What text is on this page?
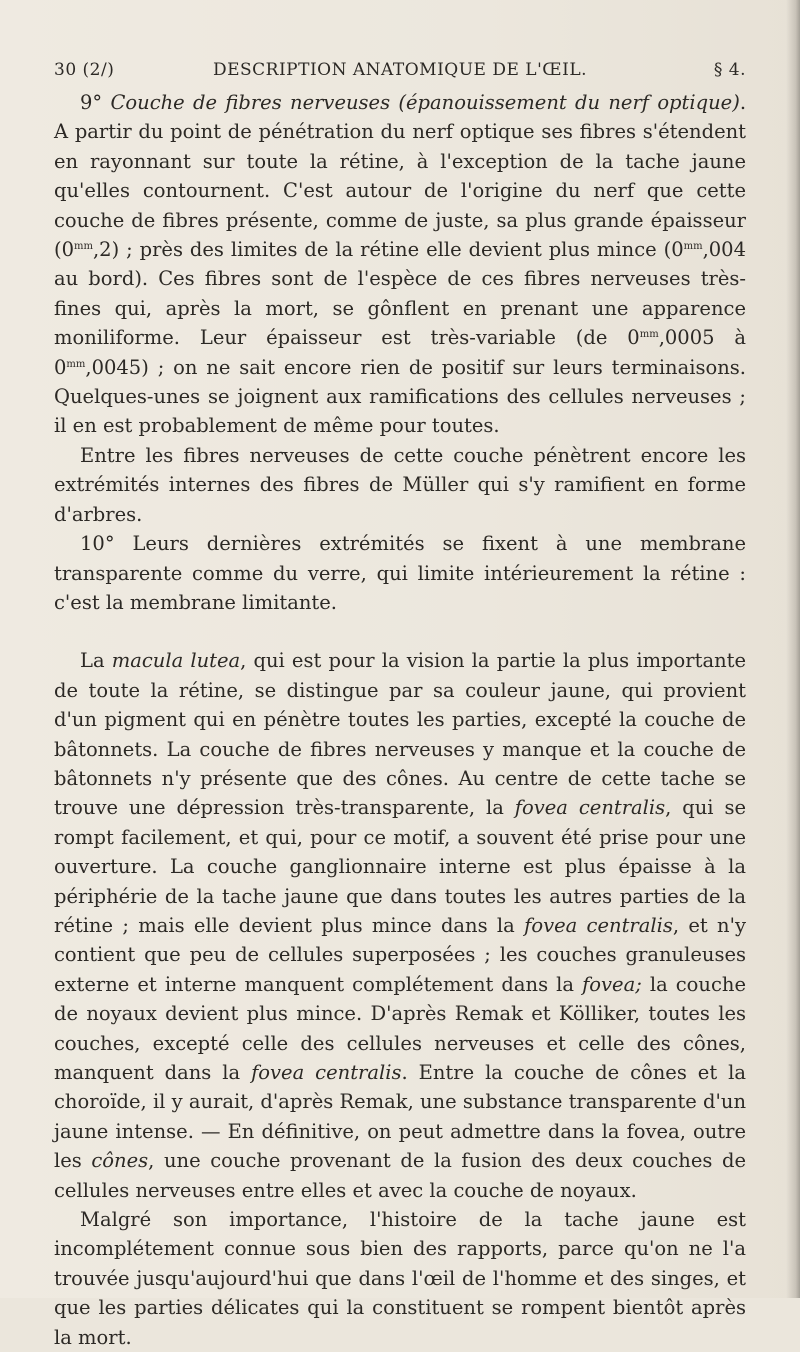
30 (2/)	DESCRIPTION ANATOMIQUE DE L'ŒIL.	§ 4.

9° Couche de fibres nerveuses (épanouissement du nerf optique). A partir du point de pénétration du nerf optique ses fibres s'étendent en rayonnant sur toute la rétine, à l'exception de la tache jaune qu'elles contournent. C'est autour de l'origine du nerf que cette couche de fibres présente, comme de juste, sa plus grande épaisseur $(0^{mm},2)$ ; près des limites de la rétine elle devient plus mince ($0^{mm},004$ au bord). Ces fibres sont de l'espèce de ces fibres nerveuses très-fines qui, après la mort, se gônflent en prenant une apparence moniliforme. Leur épaisseur est très-variable (de $0^{mm},0005$ à $0^{mm},0045$) ; on ne sait encore rien de positif sur leurs terminaisons. Quelques-unes se joignent aux ramifications des cellules nerveuses ; il en est probablement de même pour toutes.

Entre les fibres nerveuses de cette couche pénètrent encore les extrémités internes des fibres de Müller qui s'y ramifient en forme d'arbres.

10° Leurs dernières extrémités se fixent à une membrane transparente comme du verre, qui limite intérieurement la rétine : c'est la membrane limitante.

La macula lutea, qui est pour la vision la partie la plus importante de toute la rétine, se distingue par sa couleur jaune, qui provient d'un pigment qui en pénètre toutes les parties, excepté la couche de bâtonnets. La couche de fibres nerveuses y manque et la couche de bâtonnets n'y présente que des cônes. Au centre de cette tache se trouve une dépression très-transparente, la fovea centralis, qui se rompt facilement, et qui, pour ce motif, a souvent été prise pour une ouverture. La couche ganglionnaire interne est plus épaisse à la périphérie de la tache jaune que dans toutes les autres parties de la rétine ; mais elle devient plus mince dans la fovea centralis, et n'y contient que peu de cellules superposées ; les couches granuleuses externe et interne manquent complétement dans la fovea; la couche de noyaux devient plus mince. D'après Remak et Kölliker, toutes les couches, excepté celle des cellules nerveuses et celle des cônes, manquent dans la fovea centralis. Entre la couche de cônes et la choroïde, il y aurait, d'après Remak, une substance transparente d'un jaune intense. — En définitive, on peut admettre dans la fovea, outre les cônes, une couche provenant de la fusion des deux couches de cellules nerveuses entre elles et avec la couche de noyaux.

Malgré son importance, l'histoire de la tache jaune est incomplétement connue sous bien des rapports, parce qu'on ne l'a trouvée jusqu'aujourd'hui que dans l'œil de l'homme et des singes, et que les parties délicates qui la constituent se rompent bientôt après la mort.
